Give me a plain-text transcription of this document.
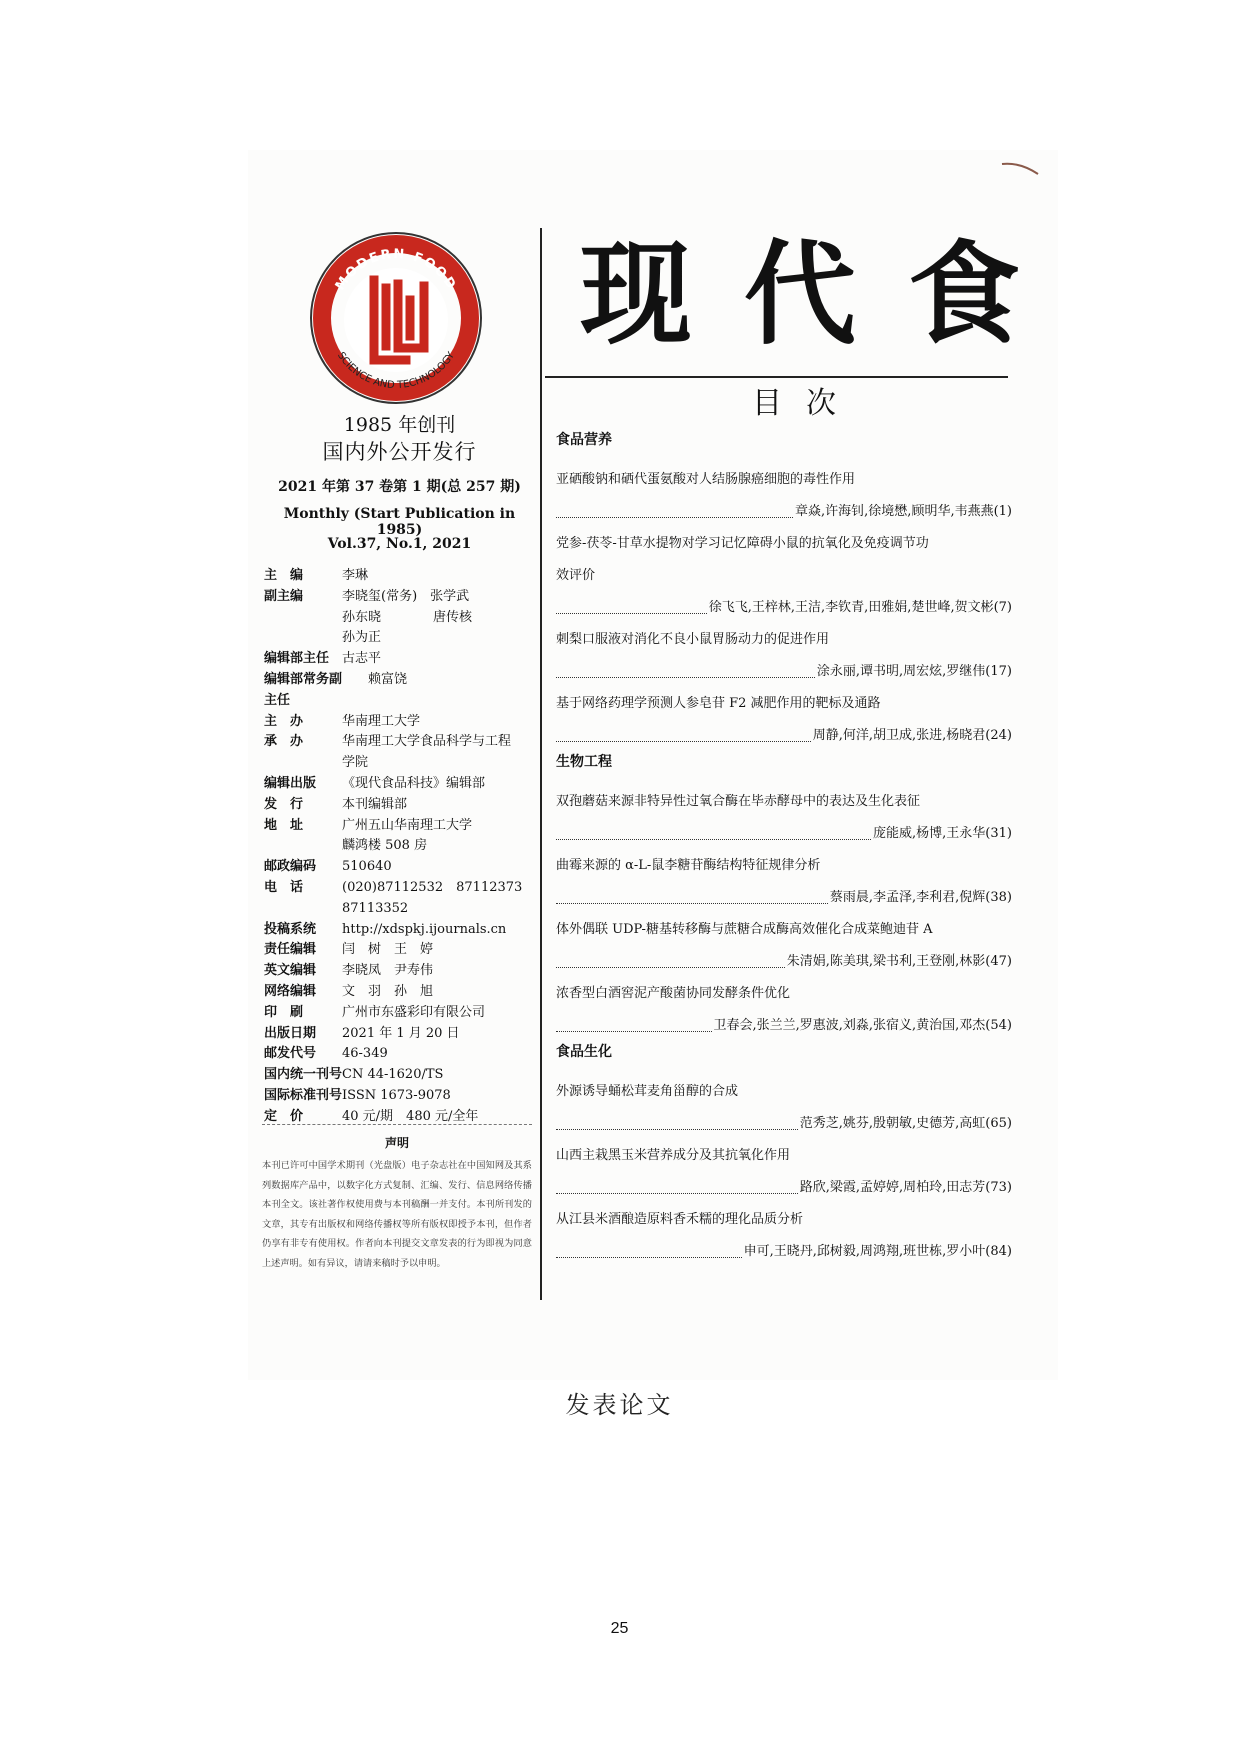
MODERN FOOD
SCIENCE AND TECHNOLOGY
1985 年创刊
国内外公开发行
2021 年第 37 卷第 1 期(总 257 期)
Monthly (Start Publication in 1985)
Vol.37, No.1, 2021
主　编	李琳
副主编	李晓玺(常务)　张学武
孙东晓　　　　唐传核
孙为正
编辑部主任 古志平
编辑部常务副主任
　　赖富饶
主　办	华南理工大学
承　办	华南理工大学食品科学与工程
学院
编辑出版	《现代食品科技》编辑部
发　行	本刊编辑部
地　址	广州五山华南理工大学
麟鸿楼 508 房
邮政编码	510640
电　话	(020)87112532　87112373
87113352
投稿系统	http://xdspkj.ijournals.cn
责任编辑	闫　树　王　婷
英文编辑	李晓凤　尹寿伟
网络编辑	文　羽　孙　旭
印　刷	广州市东盛彩印有限公司
出版日期	2021 年 1 月 20 日
邮发代号	46-349
国内统一刊号 CN 44-1620/TS
国际标准刊号 ISSN 1673-9078
定　价	40 元/期　480 元/全年
声明
本刊已许可中国学术期刊（光盘版）电子杂志社在中国知网及其系列数据库产品中，以数字化方式复制、汇编、发行、信息网络传播本刊全文。该社著作权使用费与本刊稿酬一并支付。本刊所刊发的文章，其专有出版权和网络传播权等所有版权即授予本刊，但作者仍享有非专有使用权。作者向本刊提交文章发表的行为即视为同意上述声明。如有异议，请请来稿时予以申明。
现代食
目次
食品营养
亚硒酸钠和硒代蛋氨酸对人结肠腺癌细胞的毒性作用
章焱,许海钊,徐境懋,顾明华,韦燕燕(1)
党参-茯苓-甘草水提物对学习记忆障碍小鼠的抗氧化及免疫调节功
效评价
徐飞飞,王梓林,王洁,李钦青,田雅娟,楚世峰,贺文彬(7)
刺梨口服液对消化不良小鼠胃肠动力的促进作用
涂永丽,谭书明,周宏炫,罗继伟(17)
基于网络药理学预测人参皂苷 F2 减肥作用的靶标及通路
周静,何洋,胡卫成,张进,杨晓君(24)
生物工程
双孢蘑菇来源非特异性过氧合酶在毕赤酵母中的表达及生化表征
庞能威,杨博,王永华(31)
曲霉来源的 α-L-鼠李糖苷酶结构特征规律分析
蔡雨晨,李孟泽,李利君,倪辉(38)
体外偶联 UDP-糖基转移酶与蔗糖合成酶高效催化合成菜鲍迪苷 A
朱清娟,陈美琪,梁书利,王登刚,林影(47)
浓香型白酒窖泥产酸菌协同发酵条件优化
卫春会,张兰兰,罗惠波,刘淼,张宿义,黄治国,邓杰(54)
食品生化
外源诱导蛹松茸麦角甾醇的合成
范秀芝,姚芬,殷朝敏,史德芳,高虹(65)
山西主栽黑玉米营养成分及其抗氧化作用
路欣,梁霞,孟婷婷,周柏玲,田志芳(73)
从江县米酒酿造原料香禾糯的理化品质分析
申可,王晓丹,邱树毅,周鸿翔,班世栋,罗小叶(84)
发表论文
25
